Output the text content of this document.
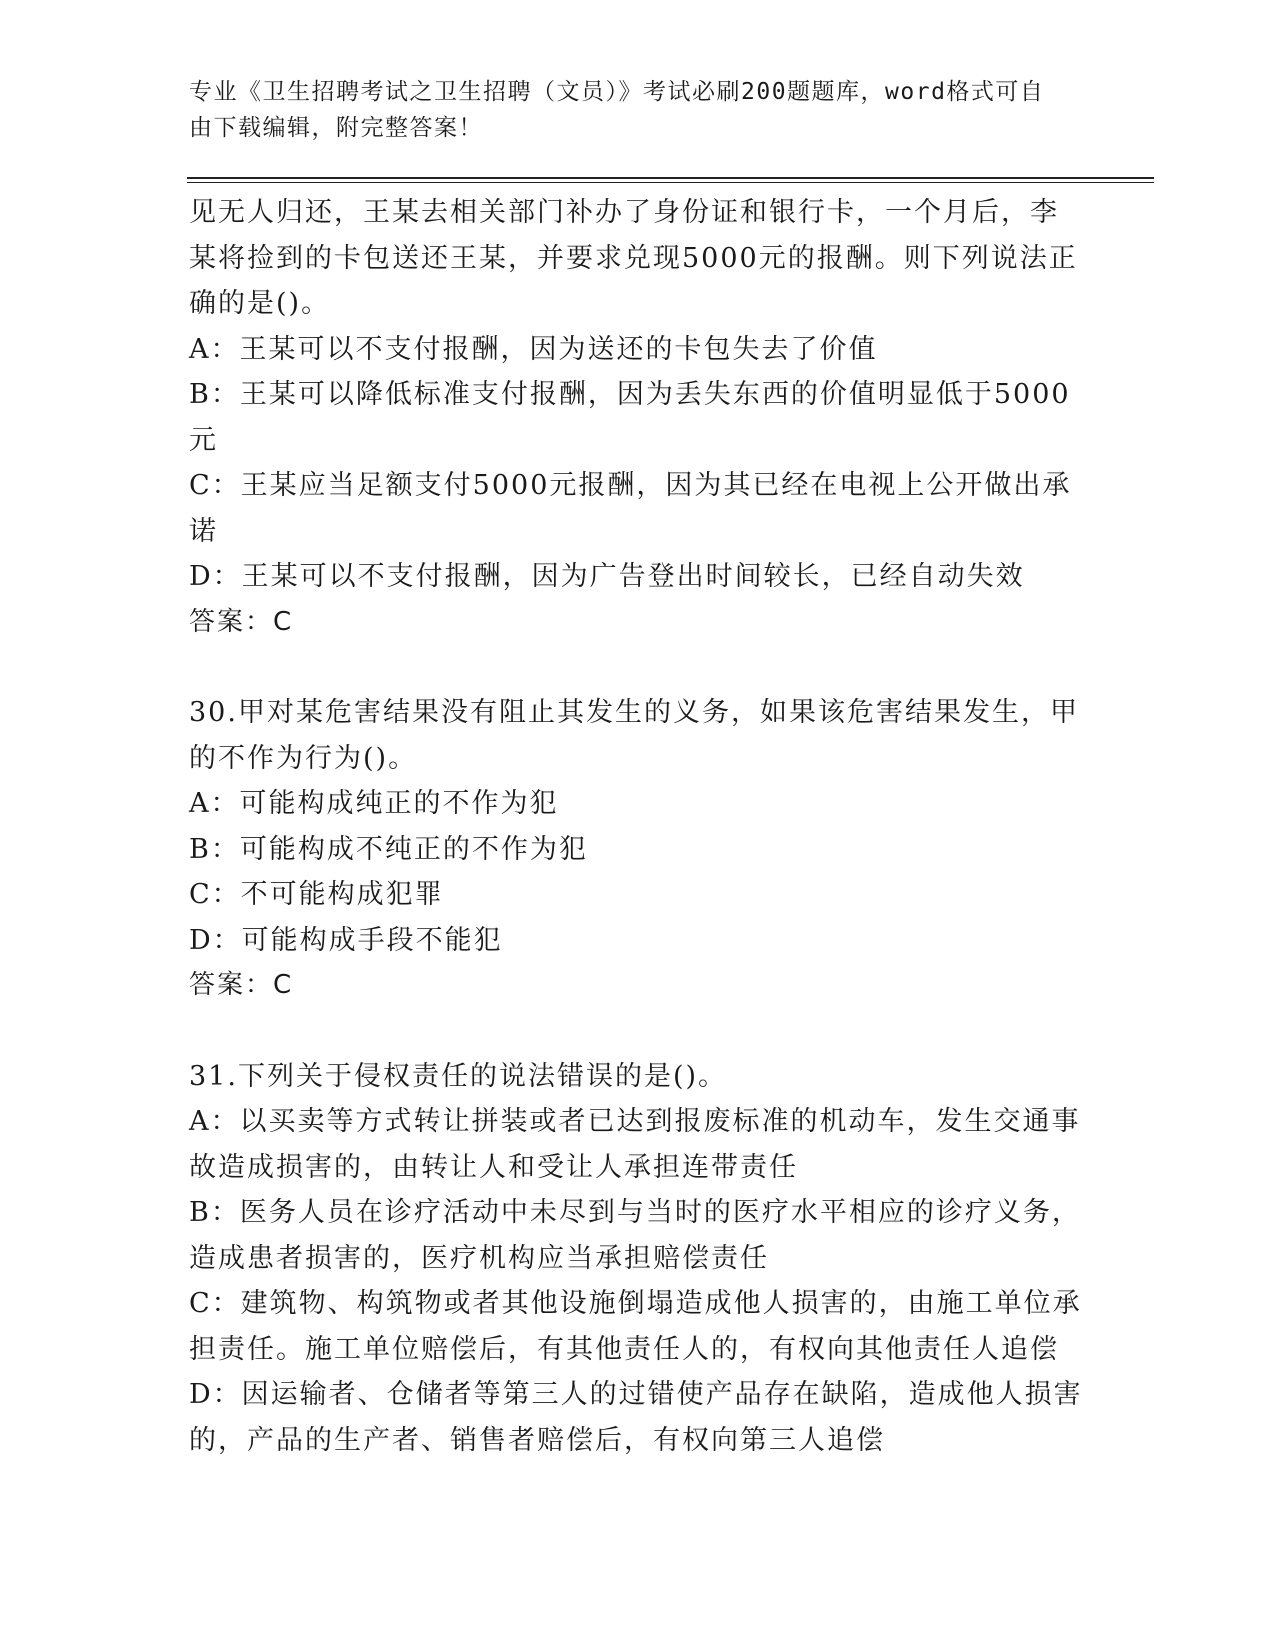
专业《卫生招聘考试之卫生招聘（文员）》考试必刷200题题库，word格式可自
由下载编辑，附完整答案！
见无人归还，王某去相关部门补办了身份证和银行卡，一个月后，李
某将捡到的卡包送还王某，并要求兑现5000元的报酬。则下列说法正
确的是()。
A：王某可以不支付报酬，因为送还的卡包失去了价值
B：王某可以降低标准支付报酬，因为丢失东西的价值明显低于5000
元
C：王某应当足额支付5000元报酬，因为其已经在电视上公开做出承
诺
D：王某可以不支付报酬，因为广告登出时间较长，已经自动失效
答案：C
30.甲对某危害结果没有阻止其发生的义务，如果该危害结果发生，甲
的不作为行为()。
A：可能构成纯正的不作为犯
B：可能构成不纯正的不作为犯
C：不可能构成犯罪
D：可能构成手段不能犯
答案：C
31.下列关于侵权责任的说法错误的是()。
A：以买卖等方式转让拼装或者已达到报废标准的机动车，发生交通事
故造成损害的，由转让人和受让人承担连带责任
B：医务人员在诊疗活动中未尽到与当时的医疗水平相应的诊疗义务，
造成患者损害的，医疗机构应当承担赔偿责任
C：建筑物、构筑物或者其他设施倒塌造成他人损害的，由施工单位承
担责任。施工单位赔偿后，有其他责任人的，有权向其他责任人追偿
D：因运输者、仓储者等第三人的过错使产品存在缺陷，造成他人损害
的，产品的生产者、销售者赔偿后，有权向第三人追偿
